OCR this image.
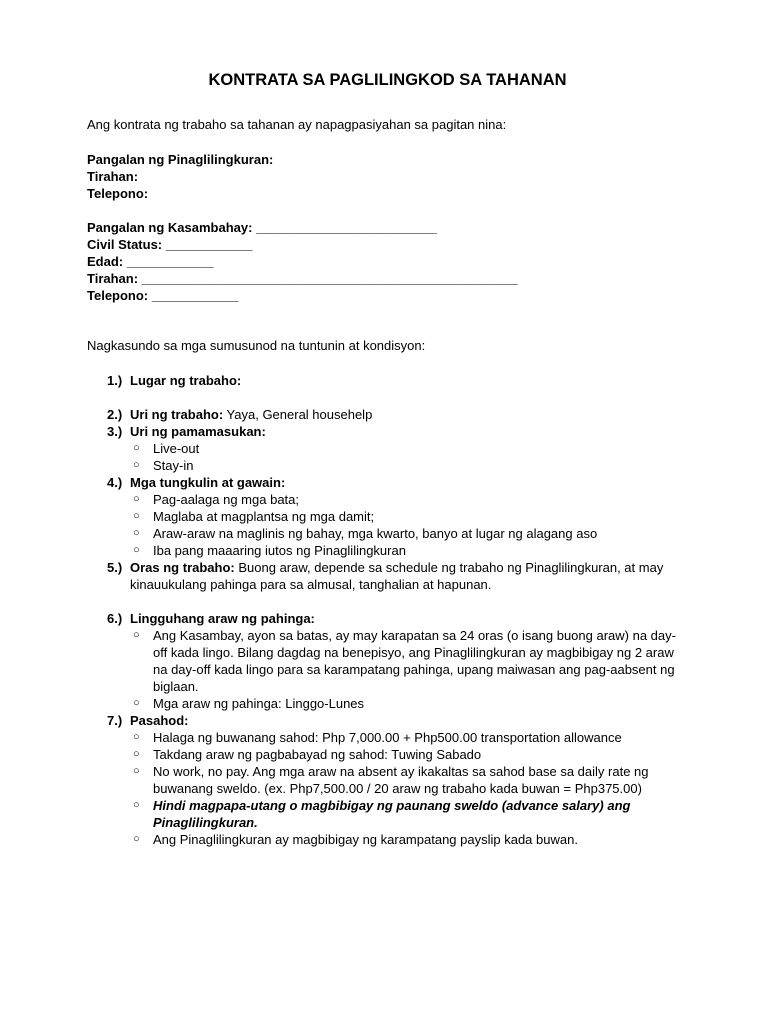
KONTRATA SA PAGLILINGKOD SA TAHANAN

Ang kontrata ng trabaho sa tahanan ay napagpasiyahan sa pagitan nina:

Pangalan ng Pinaglilingkuran:

Tirahan:

Telepono:

Pangalan ng Kasambahay: _________________________

Civil Status: ____________

Edad: ____________

Tirahan: ____________________________________________________

Telepono: ____________

Nagkasundo sa mga sumusunod na tuntunin at kondisyon:

1.) Lugar ng trabaho:
2.) Uri ng trabaho: Yaya, General househelp
3.) Uri ng pamamasukan:
○ Live-out
○ Stay-in
4.) Mga tungkulin at gawain:
○ Pag-aalaga ng mga bata;
○ Maglaba at magplantsa ng mga damit;
○ Araw-araw na maglinis ng bahay, mga kwarto, banyo at lugar ng alagang aso
○ Iba pang maaaring iutos ng Pinaglilingkuran
5.) Oras ng trabaho: Buong araw, depende sa schedule ng trabaho ng Pinaglilingkuran, at may kinauukulang pahinga para sa almusal, tanghalian at hapunan.
6.) Lingguhang araw ng pahinga:
○ Ang Kasambay, ayon sa batas, ay may karapatan sa 24 oras (o isang buong araw) na day-off kada lingo. Bilang dagdag na benepisyo, ang Pinaglilingkuran ay magbibigay ng 2 araw na day-off kada lingo para sa karampatang pahinga, upang maiwasan ang pag-aabsent ng biglaan.
○ Mga araw ng pahinga: Linggo-Lunes
7.) Pasahod:
○ Halaga ng buwanang sahod: Php 7,000.00 + Php500.00 transportation allowance
○ Takdang araw ng pagbabayad ng sahod: Tuwing Sabado
○ No work, no pay. Ang mga araw na absent ay ikakaltas sa sahod base sa daily rate ng buwanang sweldo. (ex. Php7,500.00 / 20 araw ng trabaho kada buwan = Php375.00)
○ Hindi magpapa-utang o magbibigay ng paunang sweldo (advance salary) ang Pinaglilingkuran.
○ Ang Pinaglilingkuran ay magbibigay ng karampatang payslip kada buwan.
